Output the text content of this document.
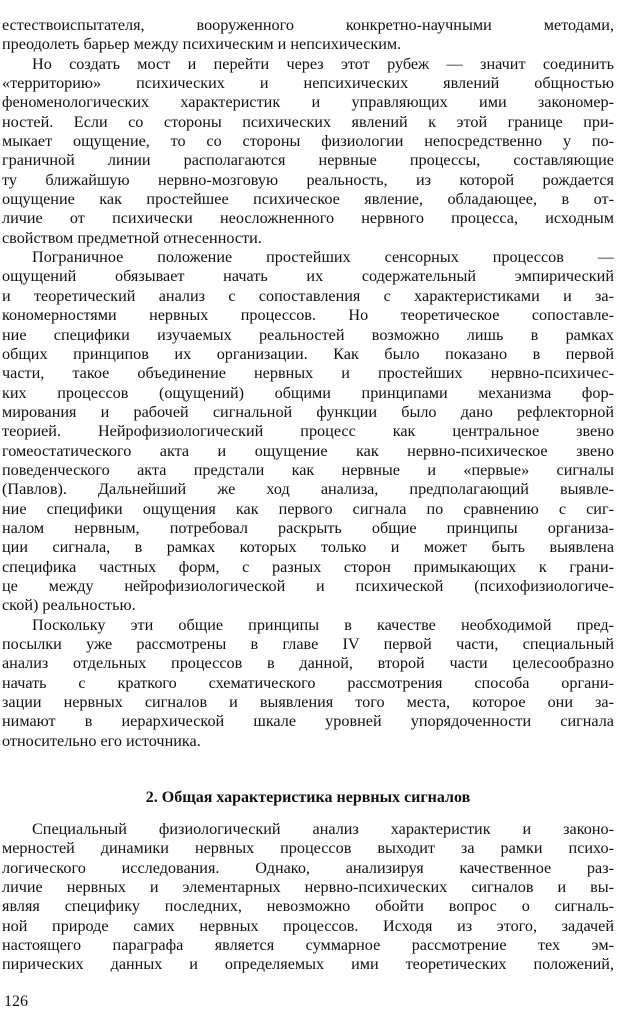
естествоиспытателя, вооруженного конкретно-научными методами,
преодолеть барьер между психическим и непсихическим.
Но создать мост и перейти через этот рубеж — значит соединить
«территорию» психических и непсихических явлений общностью
феноменологических характеристик и управляющих ими закономер-
ностей. Если со стороны психических явлений к этой границе при-
мыкает ощущение, то со стороны физиологии непосредственно у по-
граничной линии располагаются нервные процессы, составляющие
ту ближайшую нервно-мозговую реальность, из которой рождается
ощущение как простейшее психическое явление, обладающее, в от-
личие от психически неосложненного нервного процесса, исходным
свойством предметной отнесенности.
Пограничное положение простейших сенсорных процессов —
ощущений обязывает начать их содержательный эмпирический
и теоретический анализ с сопоставления с характеристиками и за-
кономерностями нервных процессов. Но теоретическое сопоставле-
ние специфики изучаемых реальностей возможно лишь в рамках
общих принципов их организации. Как было показано в первой
части, такое объединение нервных и простейших нервно-психичес-
ких процессов (ощущений) общими принципами механизма фор-
мирования и рабочей сигнальной функции было дано рефлекторной
теорией. Нейрофизиологический процесс как центральное звено
гомеостатического акта и ощущение как нервно-психическое звено
поведенческого акта предстали как нервные и «первые» сигналы
(Павлов). Дальнейший же ход анализа, предполагающий выявле-
ние специфики ощущения как первого сигнала по сравнению с сиг-
налом нервным, потребовал раскрыть общие принципы организа-
ции сигнала, в рамках которых только и может быть выявлена
специфика частных форм, с разных сторон примыкающих к грани-
це между нейрофизиологической и психической (психофизиологиче-
ской) реальностью.
Поскольку эти общие принципы в качестве необходимой пред-
посылки уже рассмотрены в главе IV первой части, специальный
анализ отдельных процессов в данной, второй части целесообразно
начать с краткого схематического рассмотрения способа органи-
зации нервных сигналов и выявления того места, которое они за-
нимают в иерархической шкале уровней упорядоченности сигнала
относительно его источника.
2. Общая характеристика нервных сигналов
Специальный физиологический анализ характеристик и законо-
мерностей динамики нервных процессов выходит за рамки психо-
логического исследования. Однако, анализируя качественное раз-
личие нервных и элементарных нервно-психических сигналов и вы-
являя специфику последних, невозможно обойти вопрос о сигналь-
ной природе самих нервных процессов. Исходя из этого, задачей
настоящего параграфа является суммарное рассмотрение тех эм-
пирических данных и определяемых ими теоретических положений,
126
